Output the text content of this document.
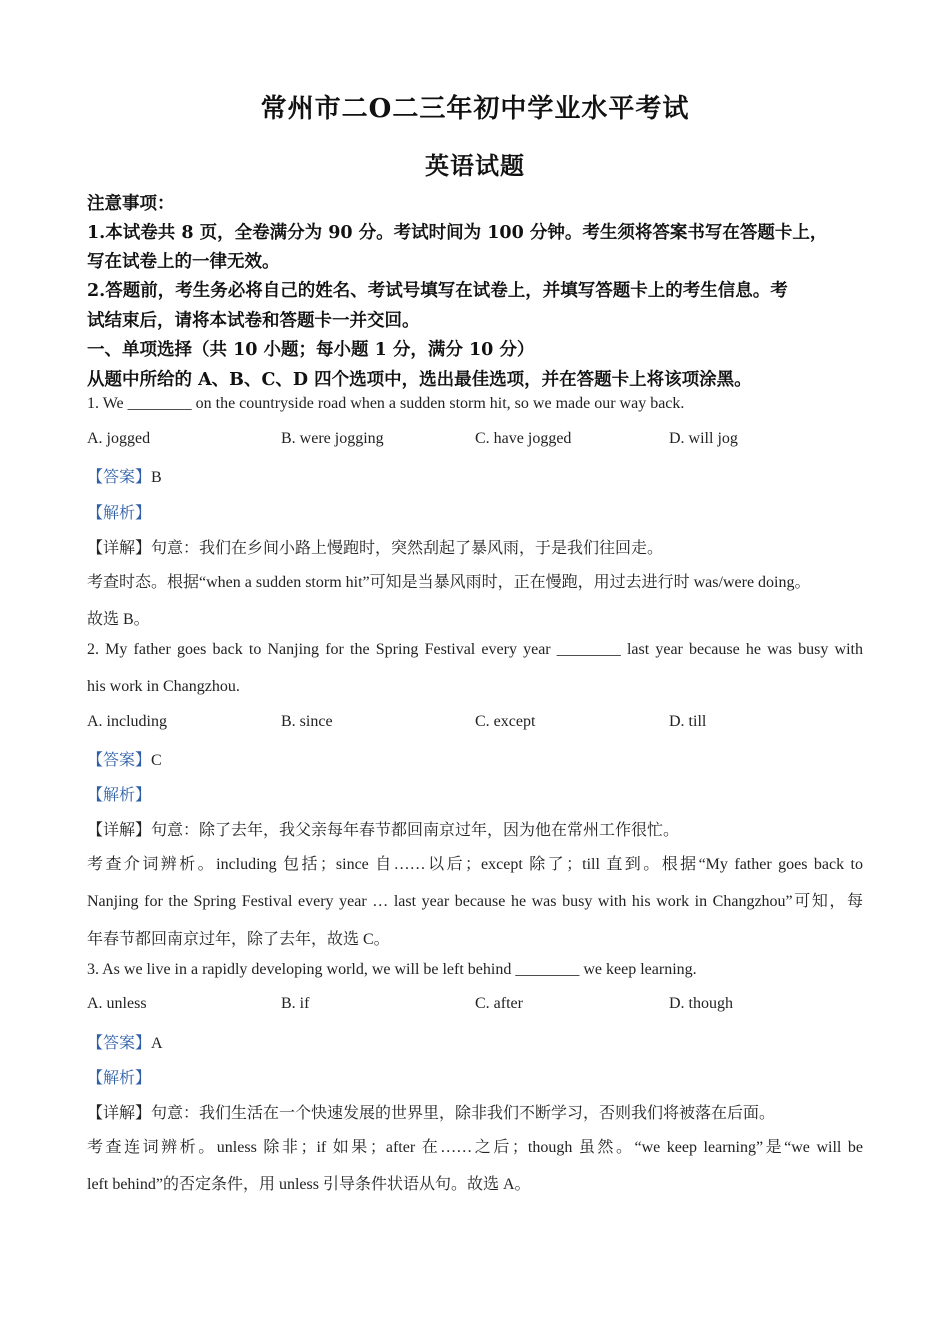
常州市二O二三年初中学业水平考试
英语试题
注意事项：
1.本试卷共 8 页，全卷满分为 90 分。考试时间为 100 分钟。考生须将答案书写在答题卡上，
写在试卷上的一律无效。
2.答题前，考生务必将自己的姓名、考试号填写在试卷上，并填写答题卡上的考生信息。考
试结束后，请将本试卷和答题卡一并交回。
一、单项选择（共 10 小题；每小题 1 分，满分 10 分）
从题中所给的 A、B、C、D 四个选项中，选出最佳选项，并在答题卡上将该项涂黑。
1. We ________ on the countryside road when a sudden storm hit, so we made our way back.
A. jogged	B. were jogging	C. have jogged	D. will jog
【答案】B
【解析】
【详解】句意：我们在乡间小路上慢跑时，突然刮起了暴风雨，于是我们往回走。
考查时态。根据“when a sudden storm hit”可知是当暴风雨时，正在慢跑，用过去进行时 was/were doing。
故选 B。
2. My father goes back to Nanjing for the Spring Festival every year ________ last year because he was busy with
his work in Changzhou.
A. including	B. since	C. except	D. till
【答案】C
【解析】
【详解】句意：除了去年，我父亲每年春节都回南京过年，因为他在常州工作很忙。
考查介词辨析。including 包括；since 自……以后；except 除了；till 直到。根据“My father goes back to
Nanjing for the Spring Festival every year … last year because he was busy with his work in Changzhou”可知，每
年春节都回南京过年，除了去年，故选 C。
3. As we live in a rapidly developing world, we will be left behind ________ we keep learning.
A. unless	B. if	C. after	D. though
【答案】A
【解析】
【详解】句意：我们生活在一个快速发展的世界里，除非我们不断学习，否则我们将被落在后面。
考查连词辨析。unless 除非；if 如果；after 在……之后；though 虽然。“we keep learning”是“we will be
left behind”的否定条件，用 unless 引导条件状语从句。故选 A。
